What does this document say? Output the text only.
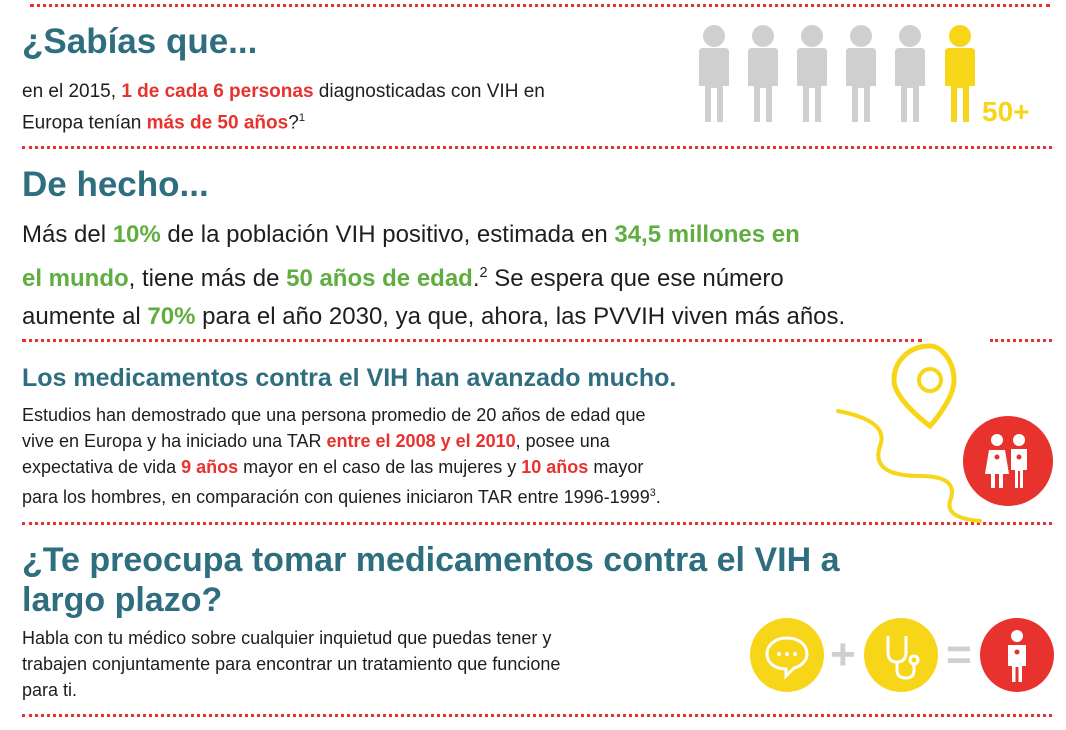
¿Sabías que...
en el 2015, 1 de cada 6 personas diagnosticadas con VIH en
Europa tenían más de 50 años?$^1$	50+
De hecho...
Más del 10% de la población VIH positivo, estimada en 34,5 millones en
el mundo, tiene más de 50 años de edad.$^2$ Se espera que ese número
aumente al 70% para el año 2030, ya que, ahora, las PVVIH viven más años.
Los medicamentos contra el VIH han avanzado mucho.
Estudios han demostrado que una persona promedio de 20 años de edad que
vive en Europa y ha iniciado una TAR entre el 2008 y el 2010, posee una
expectativa de vida 9 años mayor en el caso de las mujeres y 10 años mayor
para los hombres, en comparación con quienes iniciaron TAR entre 1996-1999$^3$.
¿Te preocupa tomar medicamentos contra el VIH a
largo plazo?
Habla con tu médico sobre cualquier inquietud que puedas tener y
trabajen conjuntamente para encontrar un tratamiento que funcione
para ti.
+ =
